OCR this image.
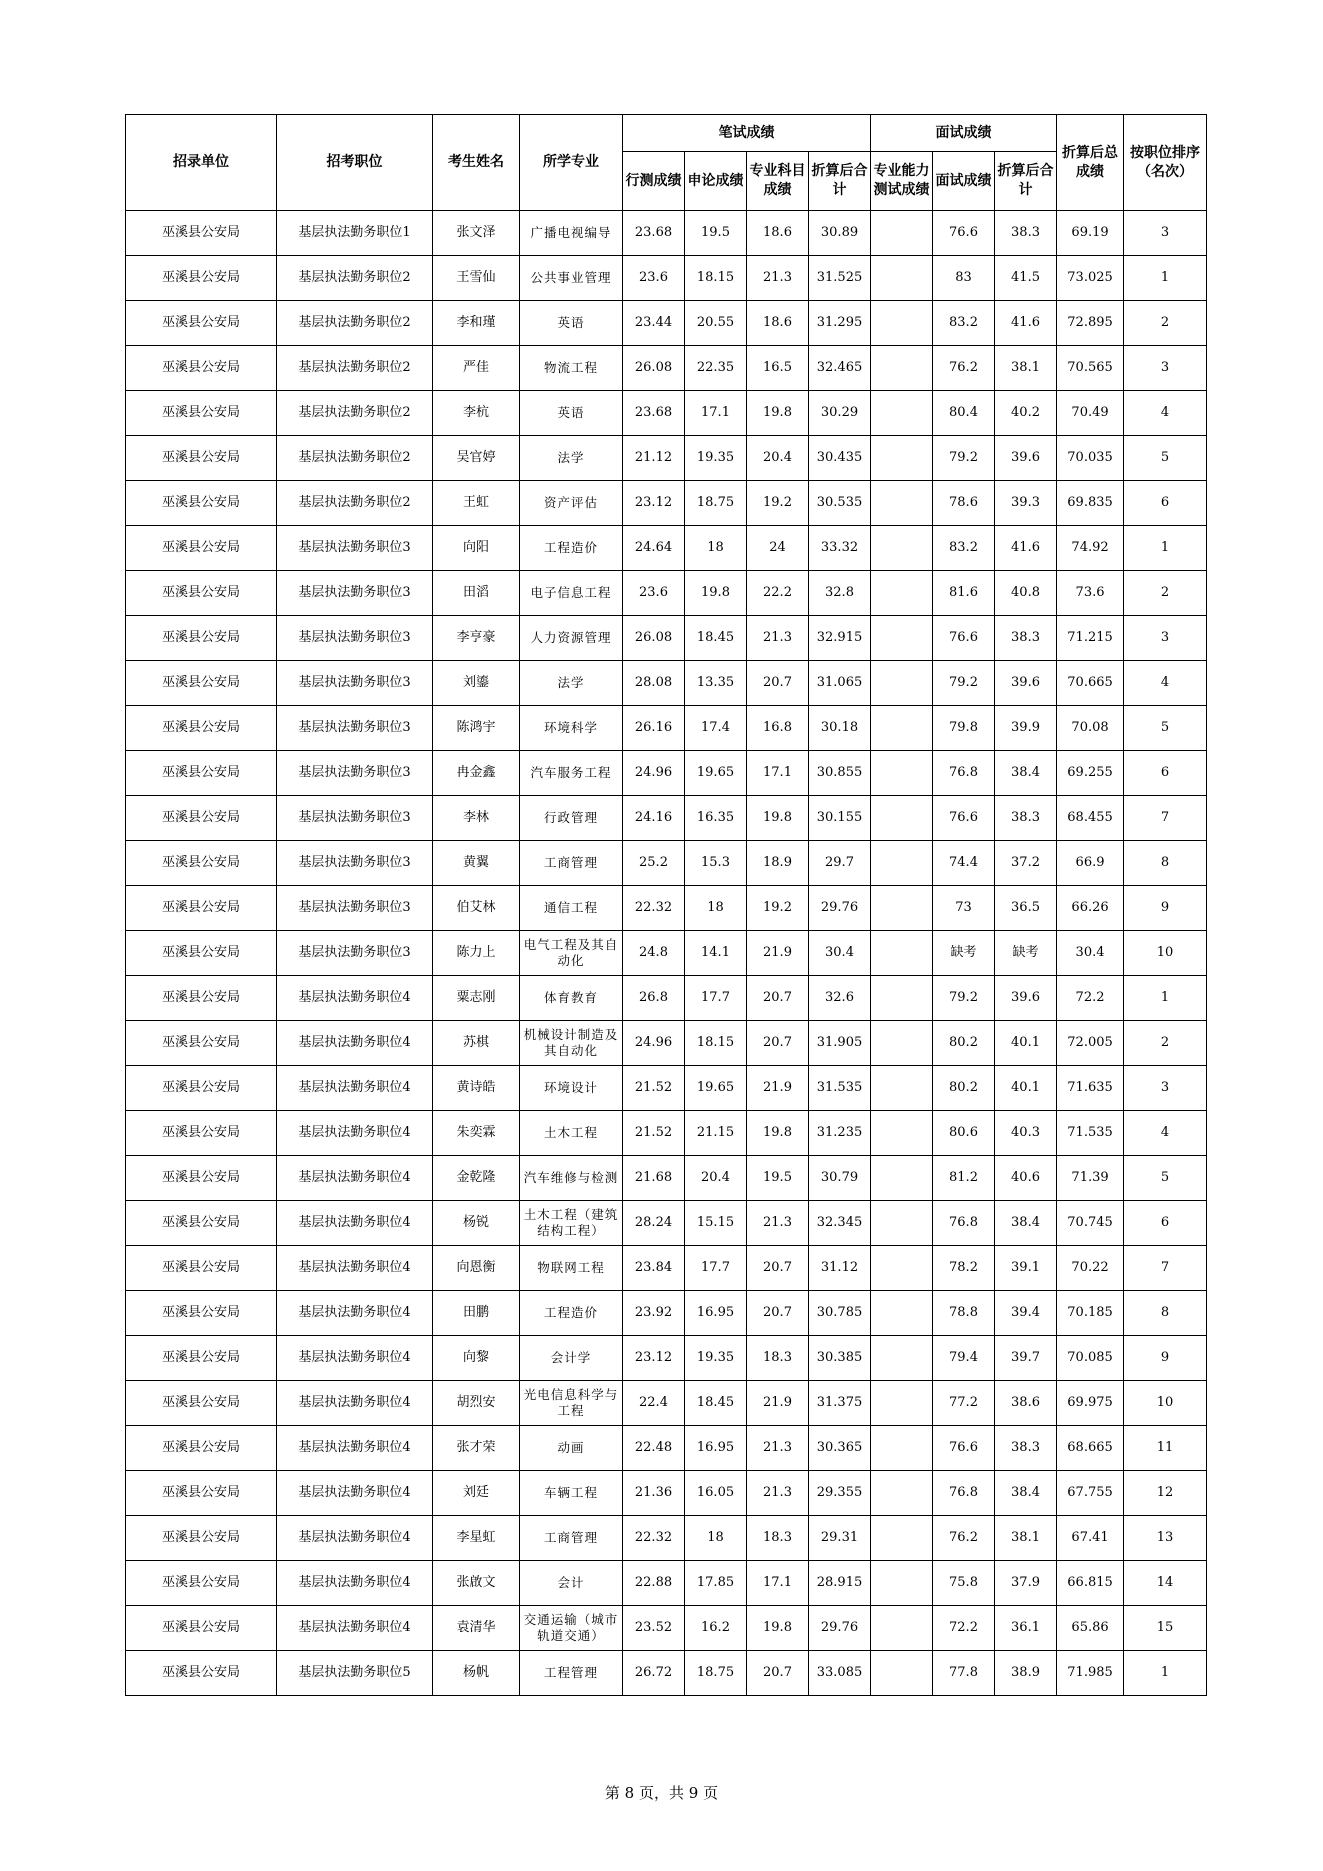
招录单位	招考职位	考生姓名	所学专业	笔试成绩				面试成绩			折算后总成绩	按职位排序（名次）
				行测成绩	申论成绩	专业科目成绩	折算后合计	专业能力测试成绩	面试成绩	折算后合计		
巫溪县公安局	基层执法勤务职位1	张文泽	广播电视编导	23.68	19.5	18.6	30.89		76.6	38.3	69.19	3
巫溪县公安局	基层执法勤务职位2	王雪仙	公共事业管理	23.6	18.15	21.3	31.525		83	41.5	73.025	1
巫溪县公安局	基层执法勤务职位2	李和瑾	英语	23.44	20.55	18.6	31.295		83.2	41.6	72.895	2
巫溪县公安局	基层执法勤务职位2	严佳	物流工程	26.08	22.35	16.5	32.465		76.2	38.1	70.565	3
巫溪县公安局	基层执法勤务职位2	李杭	英语	23.68	17.1	19.8	30.29		80.4	40.2	70.49	4
巫溪县公安局	基层执法勤务职位2	吴官婷	法学	21.12	19.35	20.4	30.435		79.2	39.6	70.035	5
巫溪县公安局	基层执法勤务职位2	王虹	资产评估	23.12	18.75	19.2	30.535		78.6	39.3	69.835	6
巫溪县公安局	基层执法勤务职位3	向阳	工程造价	24.64	18	24	33.32		83.2	41.6	74.92	1
巫溪县公安局	基层执法勤务职位3	田滔	电子信息工程	23.6	19.8	22.2	32.8		81.6	40.8	73.6	2
巫溪县公安局	基层执法勤务职位3	李亨豪	人力资源管理	26.08	18.45	21.3	32.915		76.6	38.3	71.215	3
巫溪县公安局	基层执法勤务职位3	刘鎏	法学	28.08	13.35	20.7	31.065		79.2	39.6	70.665	4
巫溪县公安局	基层执法勤务职位3	陈鸿宇	环境科学	26.16	17.4	16.8	30.18		79.8	39.9	70.08	5
巫溪县公安局	基层执法勤务职位3	冉金鑫	汽车服务工程	24.96	19.65	17.1	30.855		76.8	38.4	69.255	6
巫溪县公安局	基层执法勤务职位3	李林	行政管理	24.16	16.35	19.8	30.155		76.6	38.3	68.455	7
巫溪县公安局	基层执法勤务职位3	黄翼	工商管理	25.2	15.3	18.9	29.7		74.4	37.2	66.9	8
巫溪县公安局	基层执法勤务职位3	伯艾林	通信工程	22.32	18	19.2	29.76		73	36.5	66.26	9
巫溪县公安局	基层执法勤务职位3	陈力上	电气工程及其自动化	24.8	14.1	21.9	30.4		缺考	缺考	30.4	10
巫溪县公安局	基层执法勤务职位4	粟志刚	体育教育	26.8	17.7	20.7	32.6		79.2	39.6	72.2	1
巫溪县公安局	基层执法勤务职位4	苏棋	机械设计制造及其自动化	24.96	18.15	20.7	31.905		80.2	40.1	72.005	2
巫溪县公安局	基层执法勤务职位4	黄诗皓	环境设计	21.52	19.65	21.9	31.535		80.2	40.1	71.635	3
巫溪县公安局	基层执法勤务职位4	朱奕霖	土木工程	21.52	21.15	19.8	31.235		80.6	40.3	71.535	4
巫溪县公安局	基层执法勤务职位4	金乾隆	汽车维修与检测	21.68	20.4	19.5	30.79		81.2	40.6	71.39	5
巫溪县公安局	基层执法勤务职位4	杨锐	土木工程（建筑结构工程）	28.24	15.15	21.3	32.345		76.8	38.4	70.745	6
巫溪县公安局	基层执法勤务职位4	向恩衡	物联网工程	23.84	17.7	20.7	31.12		78.2	39.1	70.22	7
巫溪县公安局	基层执法勤务职位4	田鹏	工程造价	23.92	16.95	20.7	30.785		78.8	39.4	70.185	8
巫溪县公安局	基层执法勤务职位4	向黎	会计学	23.12	19.35	18.3	30.385		79.4	39.7	70.085	9
巫溪县公安局	基层执法勤务职位4	胡烈安	光电信息科学与工程	22.4	18.45	21.9	31.375		77.2	38.6	69.975	10
巫溪县公安局	基层执法勤务职位4	张才荣	动画	22.48	16.95	21.3	30.365		76.6	38.3	68.665	11
巫溪县公安局	基层执法勤务职位4	刘廷	车辆工程	21.36	16.05	21.3	29.355		76.8	38.4	67.755	12
巫溪县公安局	基层执法勤务职位4	李星虹	工商管理	22.32	18	18.3	29.31		76.2	38.1	67.41	13
巫溪县公安局	基层执法勤务职位4	张啟文	会计	22.88	17.85	17.1	28.915		75.8	37.9	66.815	14
巫溪县公安局	基层执法勤务职位4	袁清华	交通运输（城市轨道交通）	23.52	16.2	19.8	29.76		72.2	36.1	65.86	15
巫溪县公安局	基层执法勤务职位5	杨帆	工程管理	26.72	18.75	20.7	33.085		77.8	38.9	71.985	1
第 8 页，共 9 页
